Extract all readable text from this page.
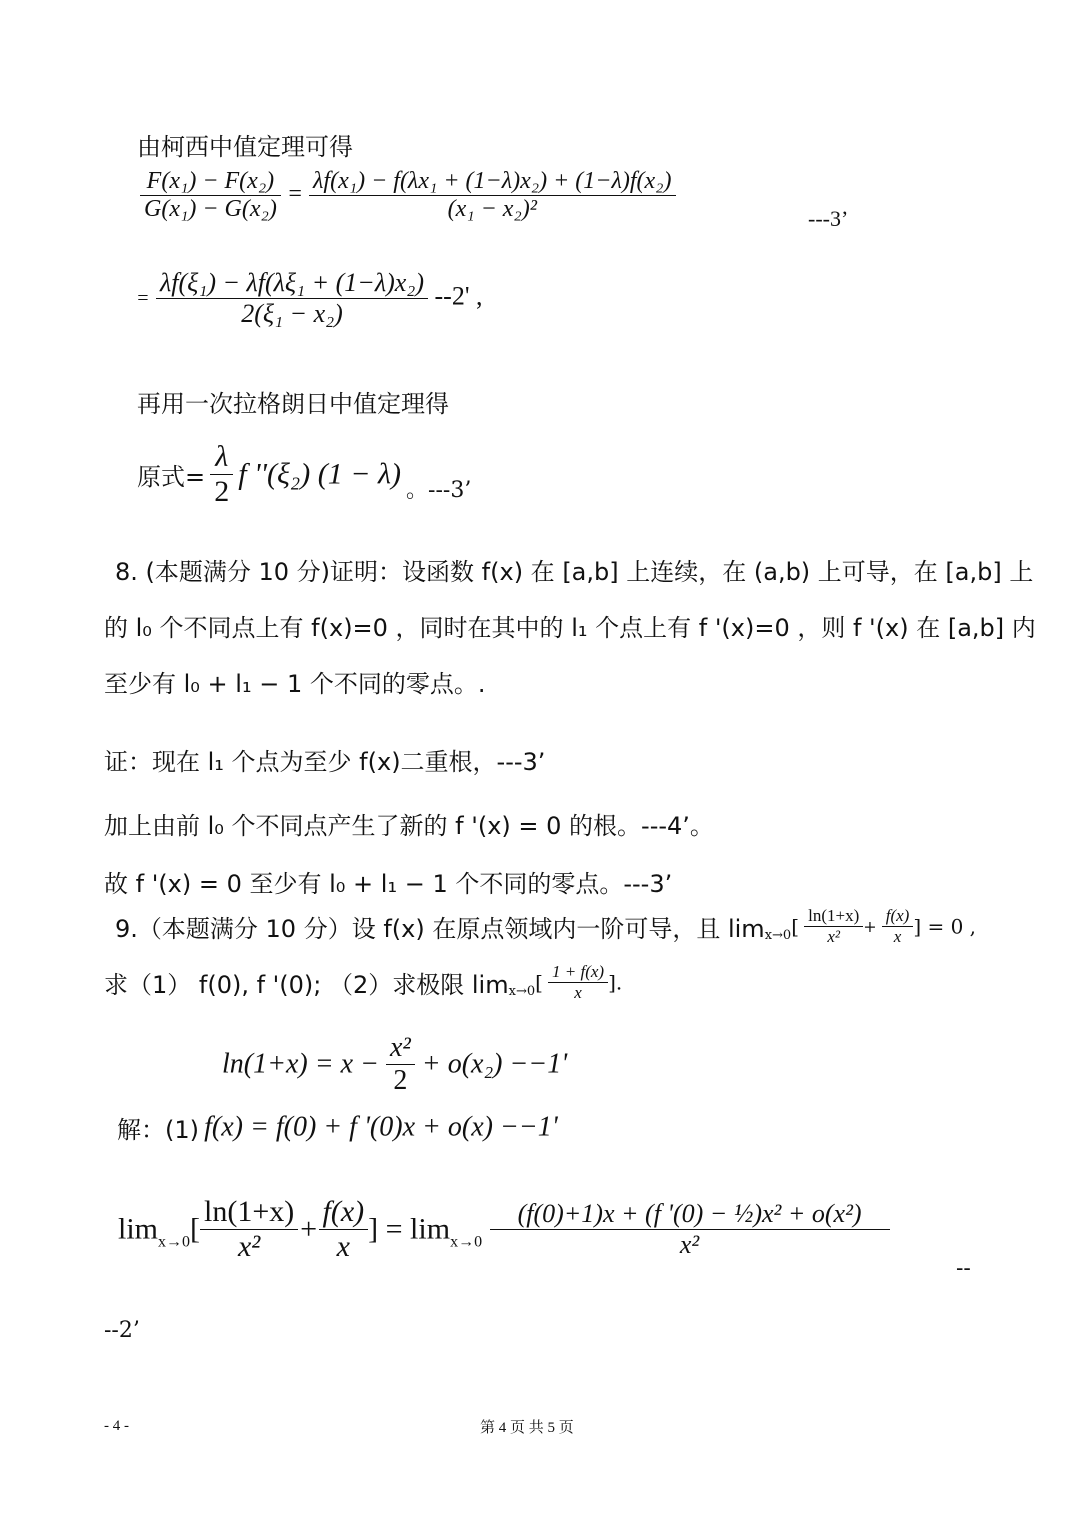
由柯西中值定理可得
$\frac{\text{F(x₁) − F(x₂)}}{\text{G(x₁) − G(x₂)}} = \frac{\text{λf(x₁) − f(λx₁ + (1−λ)x₂) + (1−λ)f(x₂)}}{\text{(x₁ − x₂)²}}$	---3’
= $\frac{\text{λf(ξ₁) − λf(λξ₁ + (1−λ)x₂)}}{\text{2(ξ₁ − x₂)}} --2'$ ,
再用一次拉格朗日中值定理得
原式= $\frac{\lambda}{2}$ f ''(ξ₂) (1 − λ) 。---3’
8. (本题满分 10 分)证明：设函数 f(x) 在 [a,b] 上连续，在 (a,b) 上可导，在 [a,b] 上
的 l₀ 个不同点上有 f(x)=0 ，同时在其中的 l₁ 个点上有 f '(x)=0 ，则 f '(x) 在 [a,b] 内
至少有 l₀ + l₁ − 1 个不同的零点。.
证：现在 l₁ 个点为至少 f(x)二重根，---3’
加上由前 l₀ 个不同点产生了新的 f '(x) = 0 的根。---4’。
故 f '(x) = 0 至少有 l₀ + l₁ − 1 个不同的零点。---3’
9.（本题满分 10 分）设 f(x) 在原点领域内一阶可导，且 $\lim_{x\to 0}[ \frac{\ln(1+x)}{\text{x²}} + \frac{f(x)}{x}$ ] = 0 ,
求（1） f(0), f '(0); （2）求极限 $\lim_{x\to 0}[ \frac{1 + f(x)}{x}$ ].
$\ln(1+x) = x - \frac{\text{x²}}{2} + o(x_2) --1'$
解：(1) f(x) = f(0) + f '(0)x + o(x) −−1'
$\lim_{x\to 0}[ \frac{\ln(1+x)}{\text{x²}} + \frac{f(x)}{x}$ ] = $\lim_{x\to 0} \frac{\text{(f(0)+1)x + (f '(0) − ½)x² + o(x²)}}{\text{x²}}$
--
--2’
- 4 -	第 4 页 共 5 页
